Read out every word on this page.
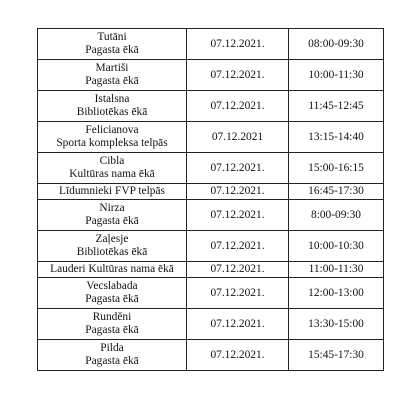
Tutāni
Pagasta ēkā	07.12.2021.	08:00-09:30

Martiši
Pagasta ēkā	07.12.2021.	10:00-11:30

Istalsna
Bibliotēkas ēkā	07.12.2021.	11:45-12:45

Felicianova
Sporta kompleksa telpās	07.12.2021	13:15-14:40

Cibla
Kultūras nama ēkā	07.12.2021.	15:00-16:15

Līdumnieki FVP telpās	07.12.2021.	16:45-17:30

Nirza
Pagasta ēkā	07.12.2021.	8:00-09:30

Zaļesje
Bibliotēkas ēkā	07.12.2021.	10:00-10:30

Lauderi Kultūras nama ēkā	07.12.2021.	11:00-11:30

Vecslabada
Pagasta ēkā	07.12.2021.	12:00-13:00

Runděni
Pagasta ēkā	07.12.2021.	13:30-15:00

Pilda
Pagasta ēkā	07.12.2021.	15:45-17:30
